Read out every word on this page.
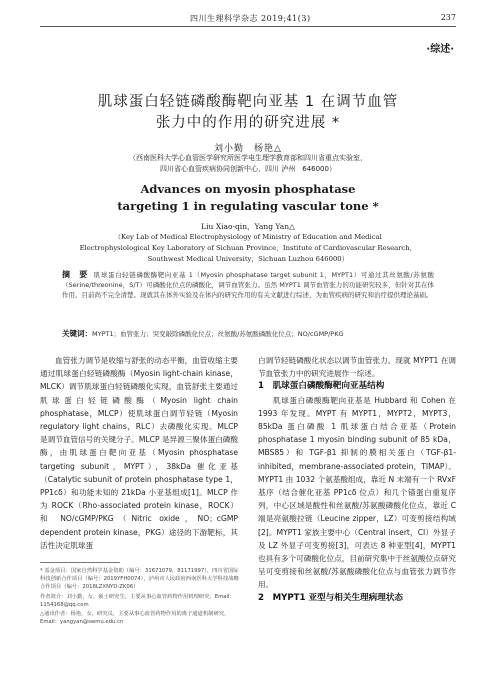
四川生理科学杂志 2019;41(3)	237
·综述·
肌球蛋白轻链磷酸酶靶向亚基 1 在调节血管
张力中的作用的研究进展 *
刘小勤　杨艳△
（西南医科大学心血管医学研究所医学电生理学教育部和四川省重点实验室，
四川省心血管疾病协同创新中心，四川 泸州　646000）
Advances on myosin phosphatase
targeting 1 in regulating vascular tone *
Liu Xiao-qin，Yang Yan△
（Key Lab of Medical Electrophysiology of Ministry of Education and Medical
Electrophysiological Key Laboratory of Sichuan Province，Institute of Cardiovascular Research，
Southwest Medical University，Sichuan Luzhou 646000）
摘　要 肌球蛋白轻链磷酸酶靶向亚基 1（Myosin phosphatase target subunit 1，MYPT1）可通过其丝氨酸/苏氨酸（Serine/threonine，S/T）可磷酸化位点的磷酸化，调节血管张力。虽然 MYPT1 调节血管张力的功能研究较多，但针对其在体作用，目前尚不完全清楚。现就其在体外实验及在体内的研究作用的有关文献进行综述，为血管疾病的研究和治疗提供理论基础。
关键词：MYPT1；血管张力；突变敲除磷酸化位点；丝氨酸/苏氨酸磷酸化位点；NO/cGMP/PKG

血管张力调节是收缩与舒张的动态平衡，血管收缩主要通过肌球蛋白轻链磷酸酶（Myosin light-chain kinase，MLCK）调节肌球蛋白轻链磷酸化实现，血管舒张主要通过肌球蛋白轻链磷酸酶（Myosin light chain phosphatase，MLCP）使肌球蛋白调节轻链（Myosin regulatory light chains，RLC）去磷酸化实现。MLCP 是调节血管信号的关键分子。MLCP 是异源三聚体蛋白磷酸酶，由肌球蛋白靶向亚基（Myosin phosphatase targeting subunit，MYPT），38kDa 催化亚基（Catalytic subunit of protein phosphatase type 1，PP1cδ）和功能未知的 21kDa 小亚基组成[1]。MLCP 作为 ROCK（Rho-associated protein kinase，ROCK）和 NO/cGMP/PKG（Nitric oxide，NO；cGMP dependent protein kinase，PKG）途径的下游靶标，其活性决定肌球蛋

白调节轻链磷酸化状态以调节血管张力。现就 MYPT1 在调节血管张力中的研究进展作一综述。

1　肌球蛋白磷酸酶靶向亚基结构

肌球蛋白磷酸酶靶向亚基是 Hubbard 和 Cohen 在 1993 年发现。MYPT 有 MYPT1，MYPT2，MYPT3，85kDa 蛋白磷酸 1 肌球蛋白结合亚基（Protein phosphatase 1 myosin binding subunit of 85 kDa，MBS85）和 TGF-β1 抑制的膜相关蛋白（TGF-β1-inhibited，membrane-associated protein，TIMAP）。MYPT1 由 1032 个氨基酸组成，靠近 N 末端有一个 RVxF 基序（结合催化亚基 PP1cδ 位点）和几个锚蛋白重复序列，中心区域是酸性和丝氨酸/苏氨酸磷酸化位点，靠近 C 端是亮氨酸拉链（Leucine zipper，LZ）可变剪接结构域[2]。MYPT1 家族主要中心（Central insert，CI）外显子及 LZ 外显子可变剪接[3]，可表达 8 种亚型[4]，MYPT1 也具有多个可磷酸化位点，目前研究集中于丝氨酸位点研究呈可变剪接和丝氨酸/苏氨酸磷酸化位点与血管张力调节作用。

2　MYPT1 亚型与相关生理病理状态

* 基金项目：国家自然科学基金资助（编号：31671079，81171997），四川省国际科技创新合作项目（编号：2019YFH0074），泸州市人民政府西南医科大学科技战略合作项目（编号：2018LZXNYD-ZK06）
作者简介：刘小勤，女，硕士研究生，主要从事心血管药物作用机理研究，Email：1154168@qq.com
△通讯作者：杨艳，女，研究员，主要从事心血管药物作用的离子通道机制研究，Email：yangyan@swmu.edu.cn
